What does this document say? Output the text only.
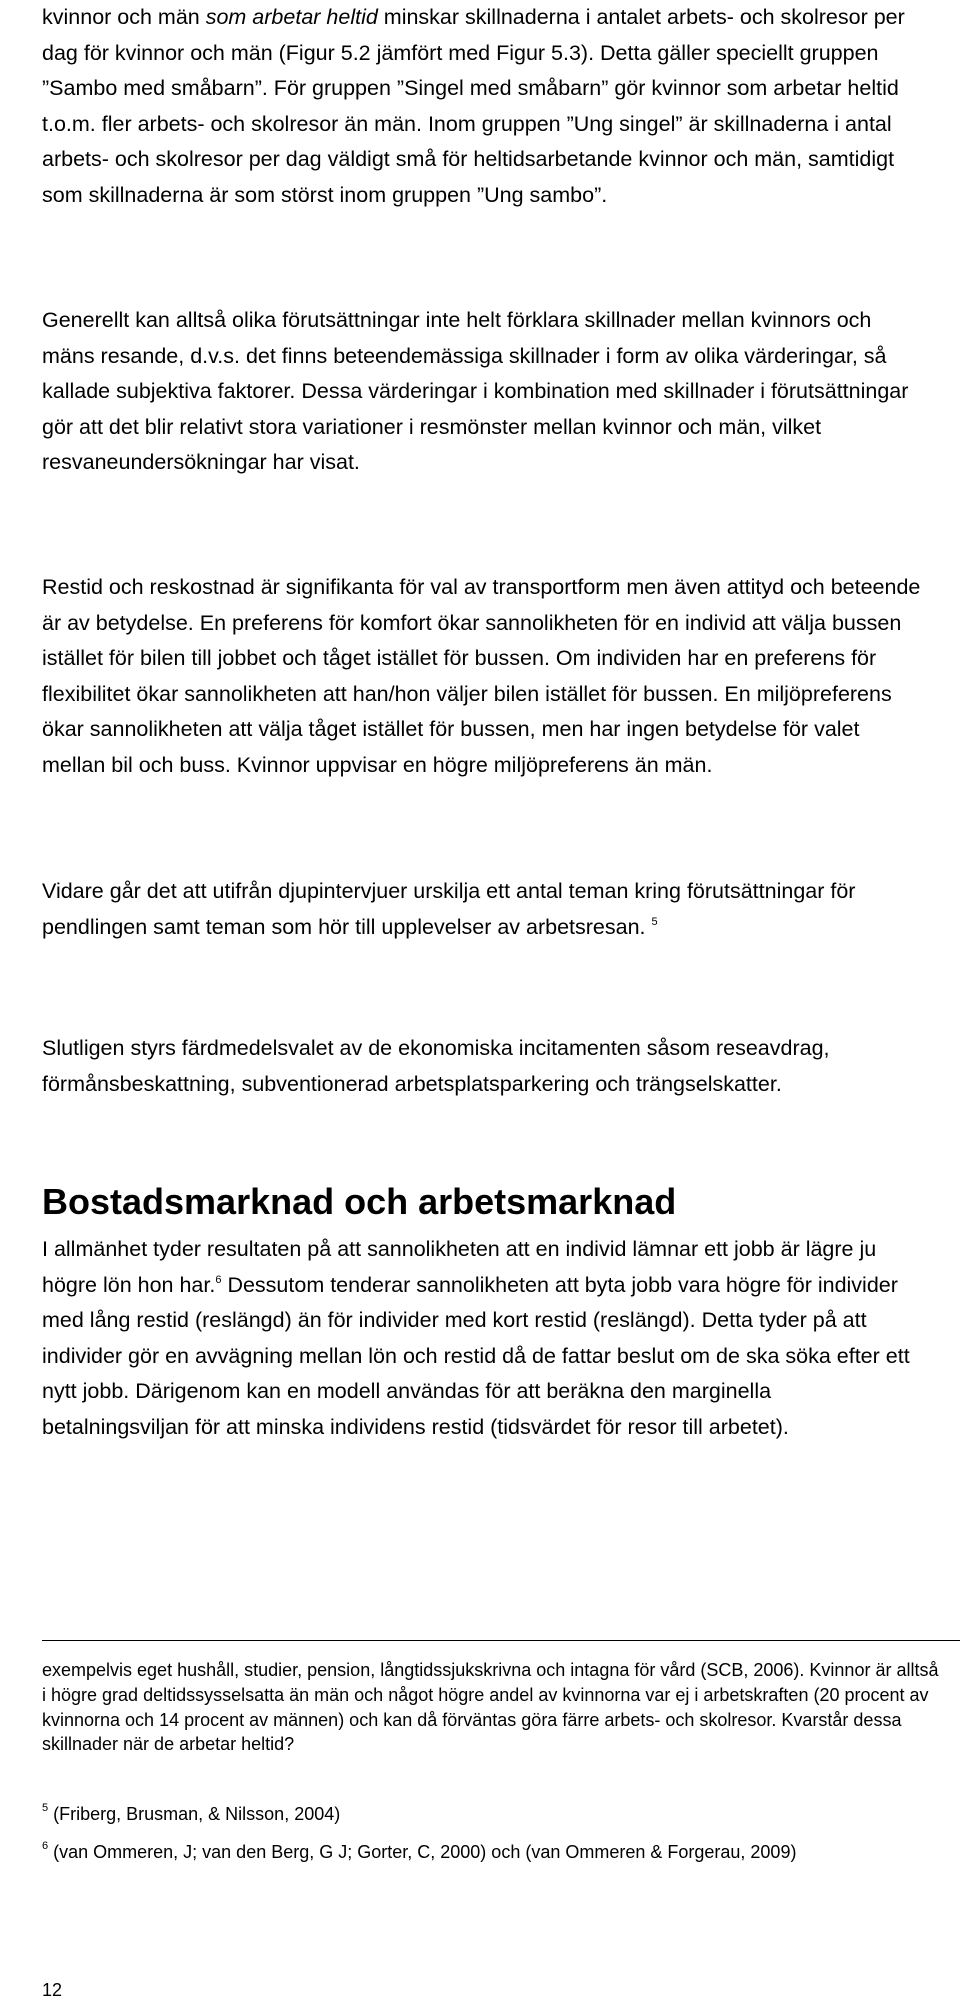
kvinnor och män som arbetar heltid minskar skillnaderna i antalet arbets- och skolresor per dag för kvinnor och män (Figur 5.2 jämfört med Figur 5.3). Detta gäller speciellt gruppen ”Sambo med småbarn”. För gruppen ”Singel med småbarn” gör kvinnor som arbetar heltid t.o.m. fler arbets- och skolresor än män. Inom gruppen ”Ung singel” är skillnaderna i antal arbets- och skolresor per dag väldigt små för heltidsarbetande kvinnor och män, samtidigt som skillnaderna är som störst inom gruppen ”Ung sambo”.

Generellt kan alltså olika förutsättningar inte helt förklara skillnader mellan kvinnors och mäns resande, d.v.s. det finns beteendemässiga skillnader i form av olika värderingar, så kallade subjektiva faktorer. Dessa värderingar i kombination med skillnader i förutsättningar gör att det blir relativt stora variationer i resmönster mellan kvinnor och män, vilket resvaneundersökningar har visat.

Restid och reskostnad är signifikanta för val av transportform men även attityd och beteende är av betydelse. En preferens för komfort ökar sannolikheten för en individ att välja bussen istället för bilen till jobbet och tåget istället för bussen. Om individen har en preferens för flexibilitet ökar sannolikheten att han/hon väljer bilen istället för bussen. En miljöpreferens ökar sannolikheten att välja tåget istället för bussen, men har ingen betydelse för valet mellan bil och buss. Kvinnor uppvisar en högre miljöpreferens än män.

Vidare går det att utifrån djupintervjuer urskilja ett antal teman kring förutsättningar för pendlingen samt teman som hör till upplevelser av arbetsresan. $^5$

Slutligen styrs färdmedelsvalet av de ekonomiska incitamenten såsom reseavdrag, förmånsbeskattning, subventionerad arbetsplatsparkering och trängselskatter.

Bostadsmarknad och arbetsmarknad

I allmänhet tyder resultaten på att sannolikheten att en individ lämnar ett jobb är lägre ju högre lön hon har.$^6$ Dessutom tenderar sannolikheten att byta jobb vara högre för individer med lång restid (reslängd) än för individer med kort restid (reslängd). Detta tyder på att individer gör en avvägning mellan lön och restid då de fattar beslut om de ska söka efter ett nytt jobb. Därigenom kan en modell användas för att beräkna den marginella betalningsviljan för att minska individens restid (tidsvärdet för resor till arbetet).

exempelvis eget hushåll, studier, pension, långtidssjukskrivna och intagna för vård (SCB, 2006). Kvinnor är alltså i högre grad deltidssysselsatta än män och något högre andel av kvinnorna var ej i arbetskraften (20 procent av kvinnorna och 14 procent av männen) och kan då förväntas göra färre arbets- och skolresor. Kvarstår dessa skillnader när de arbetar heltid?

$^5$ (Friberg, Brusman, & Nilsson, 2004)

$^6$ (van Ommeren, J; van den Berg, G J; Gorter, C, 2000) och (van Ommeren & Forgerau, 2009)

12
